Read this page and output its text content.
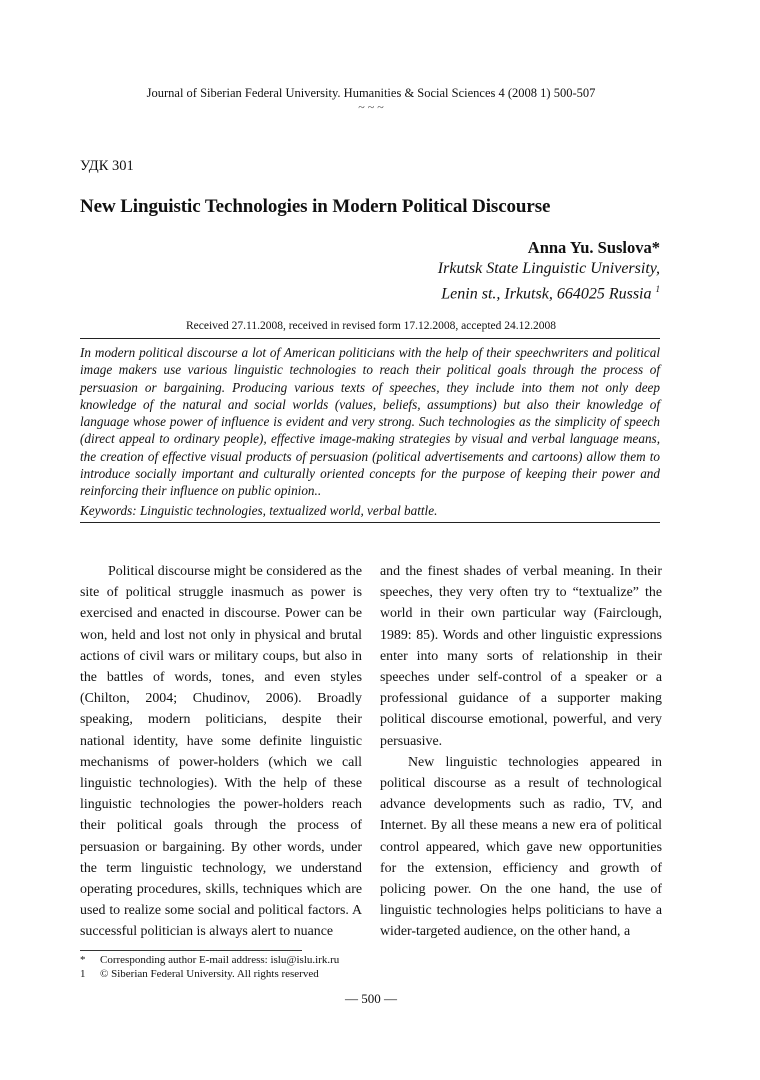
Journal of Siberian Federal University. Humanities & Social Sciences 4 (2008 1) 500-507
~ ~ ~
УДК 301
New Linguistic Technologies in Modern Political Discourse
Anna Yu. Suslova*
Irkutsk State Linguistic University,
Lenin st., Irkutsk, 664025 Russia $^1$
Received 27.11.2008, received in revised form 17.12.2008, accepted 24.12.2008
In modern political discourse a lot of American politicians with the help of their speechwriters and political image makers use various linguistic technologies to reach their political goals through the process of persuasion or bargaining. Producing various texts of speeches, they include into them not only deep knowledge of the natural and social worlds (values, beliefs, assumptions) but also their knowledge of language whose power of influence is evident and very strong. Such technologies as the simplicity of speech (direct appeal to ordinary people), effective image-making strategies by visual and verbal language means, the creation of effective visual products of persuasion (political advertisements and cartoons) allow them to introduce socially important and culturally oriented concepts for the purpose of keeping their power and reinforcing their influence on public opinion..
Keywords: Linguistic technologies, textualized world, verbal battle.

Political discourse might be considered as the site of political struggle inasmuch as power is exercised and enacted in discourse. Power can be won, held and lost not only in physical and brutal actions of civil wars or military coups, but also in the battles of words, tones, and even styles (Chilton, 2004; Chudinov, 2006). Broadly speaking, modern politicians, despite their national identity, have some definite linguistic mechanisms of power-holders (which we call linguistic technologies). With the help of these linguistic technologies the power-holders reach their political goals through the process of persuasion or bargaining. By other words, under the term linguistic technology, we understand operating procedures, skills, techniques which are used to realize some social and political factors. A successful politician is always alert to nuance

and the finest shades of verbal meaning. In their speeches, they very often try to “textualize” the world in their own particular way (Fairclough, 1989: 85). Words and other linguistic expressions enter into many sorts of relationship in their speeches under self-control of a speaker or a professional guidance of a supporter making political discourse emotional, powerful, and very persuasive.

New linguistic technologies appeared in political discourse as a result of technological advance developments such as radio, TV, and Internet. By all these means a new era of political control appeared, which gave new opportunities for the extension, efficiency and growth of policing power. On the one hand, the use of linguistic technologies helps politicians to have a wider-targeted audience, on the other hand, a

*	Corresponding author E-mail address: islu@islu.irk.ru
1	© Siberian Federal University. All rights reserved
— 500 —
